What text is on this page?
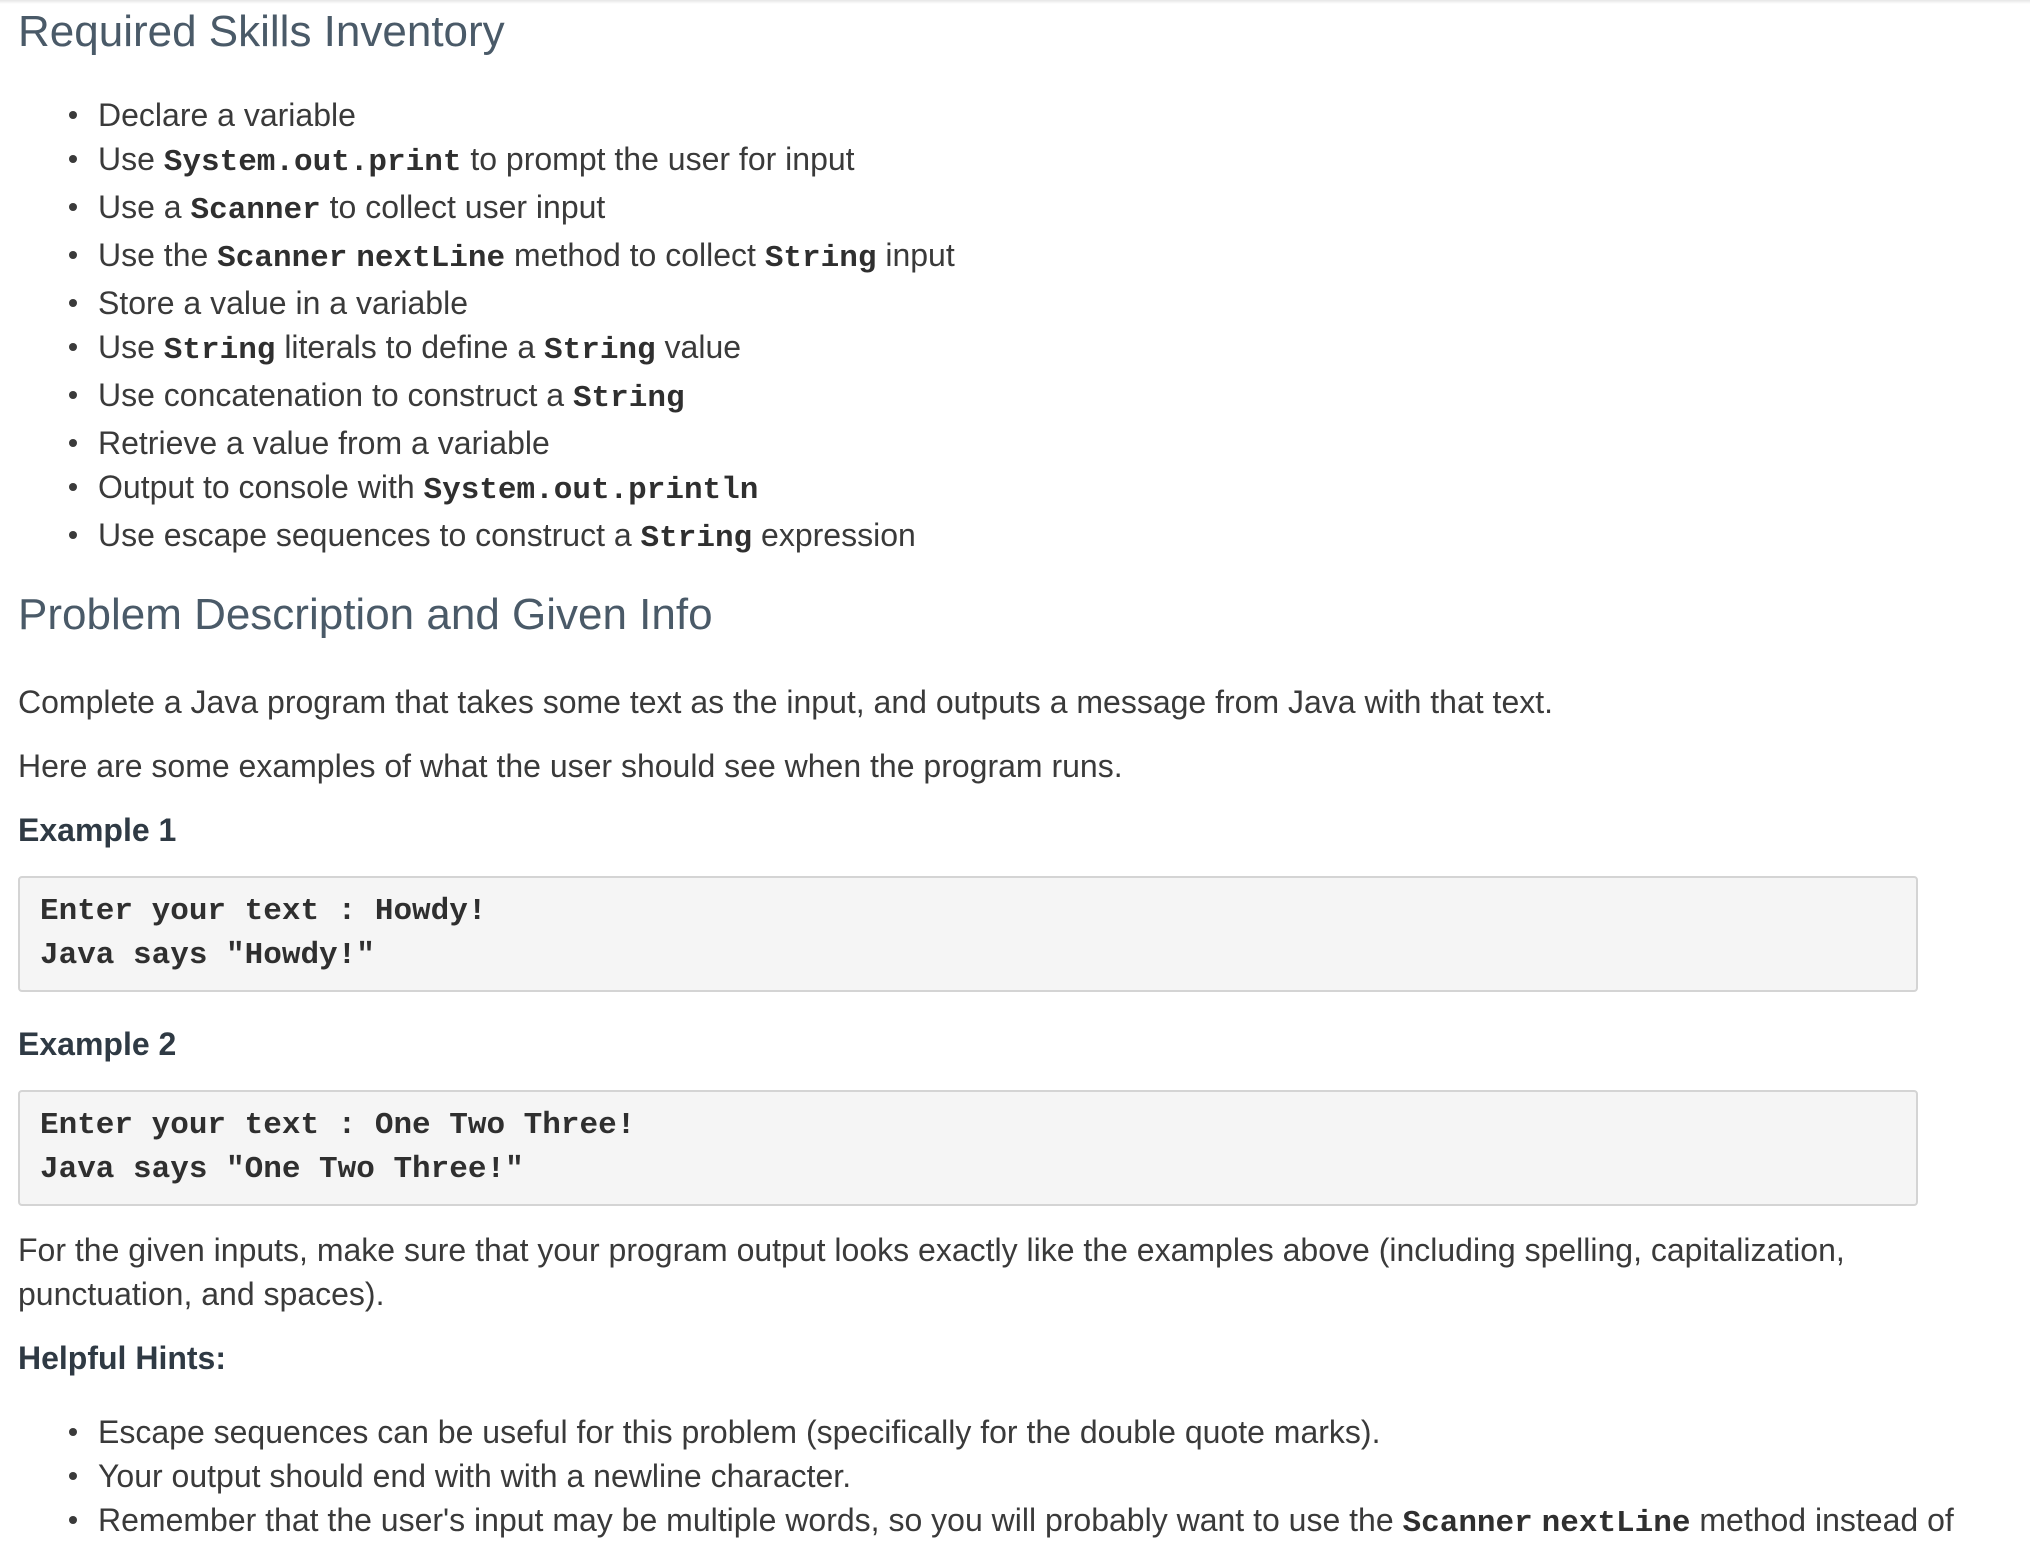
Required Skills Inventory
Declare a variable
Use System.out.print to prompt the user for input
Use a Scanner to collect user input
Use the Scanner nextLine method to collect String input
Store a value in a variable
Use String literals to define a String value
Use concatenation to construct a String
Retrieve a value from a variable
Output to console with System.out.println
Use escape sequences to construct a String expression
Problem Description and Given Info

Complete a Java program that takes some text as the input, and outputs a message from Java with that text.

Here are some examples of what the user should see when the program runs.

Example 1
Enter your text : Howdy!
Java says "Howdy!"
Example 2
Enter your text : One Two Three!
Java says "One Two Three!"

For the given inputs, make sure that your program output looks exactly like the examples above (including spelling, capitalization, punctuation, and spaces).

Helpful Hints:
Escape sequences can be useful for this problem (specifically for the double quote marks).
Your output should end with with a newline character.
Remember that the user's input may be multiple words, so you will probably want to use the Scanner nextLine method instead of
